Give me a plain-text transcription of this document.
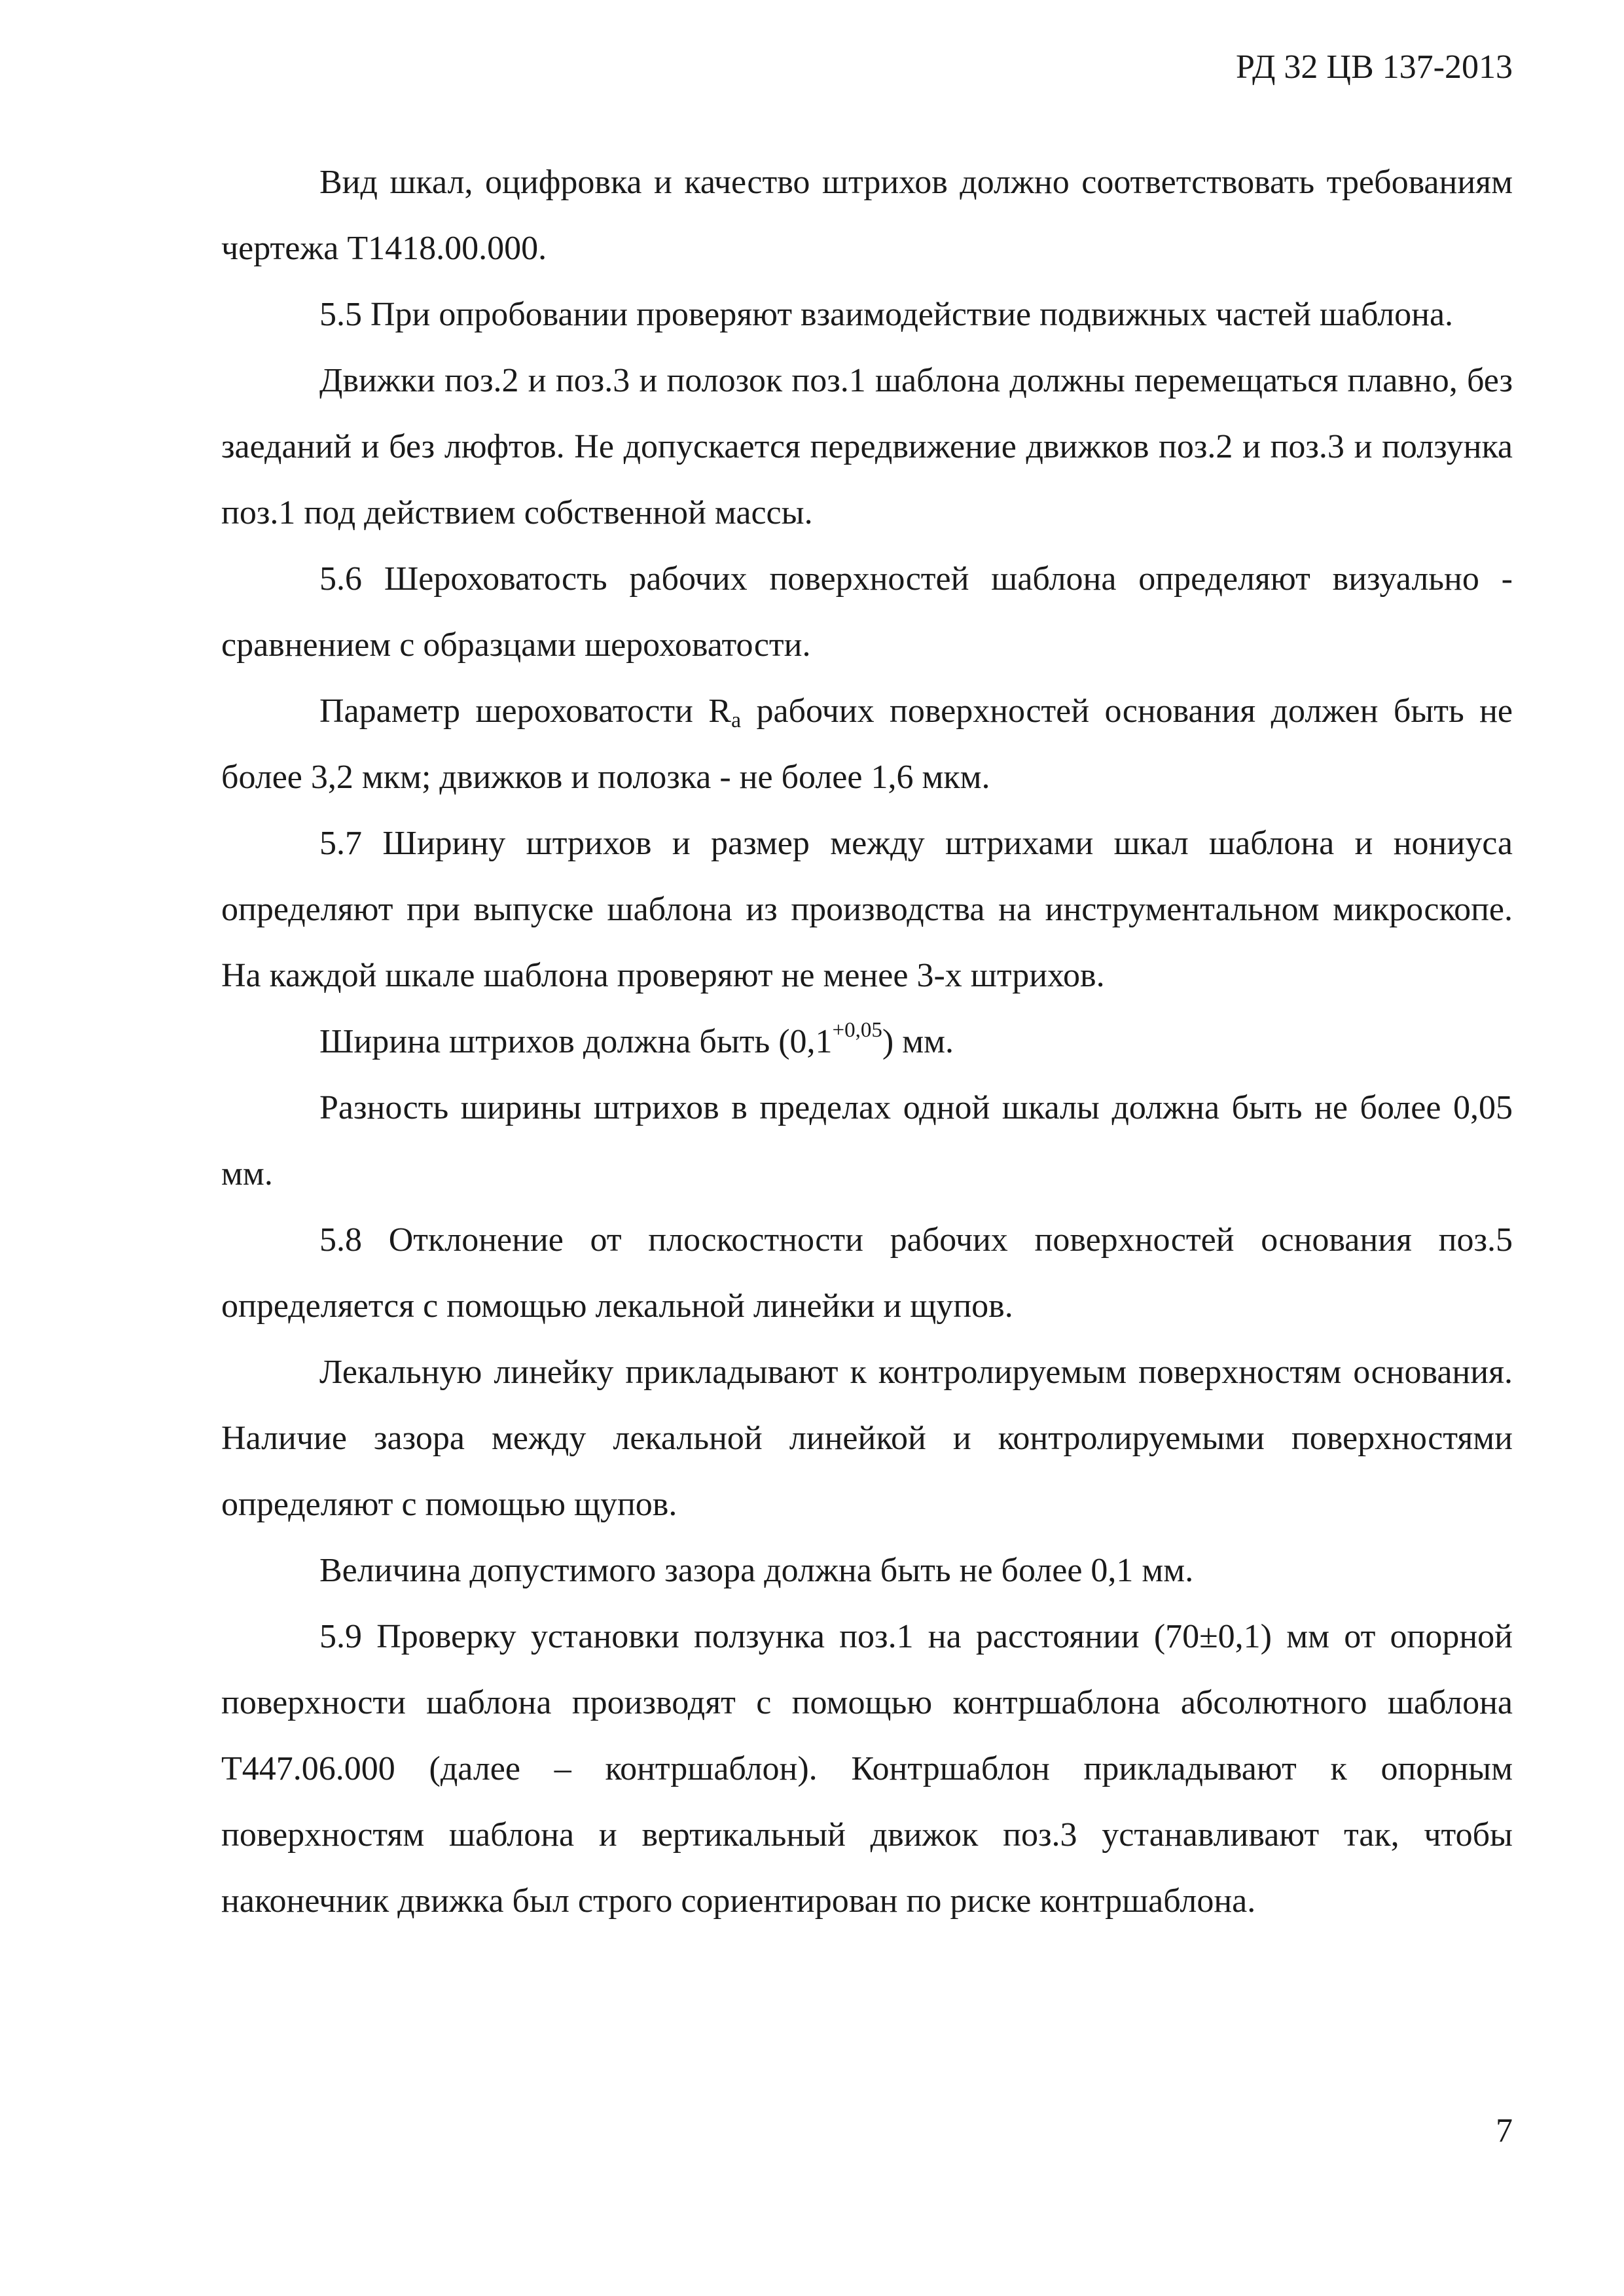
РД 32 ЦВ 137-2013

Вид шкал, оцифровка и качество штрихов должно соответствовать требованиям чертежа Т1418.00.000.

5.5 При опробовании проверяют взаимодействие подвижных частей шаблона.

Движки поз.2 и поз.3 и полозок поз.1 шаблона должны перемещаться плавно, без заеданий и без люфтов. Не допускается передвижение движков поз.2 и поз.3 и ползунка поз.1 под действием собственной массы.

5.6 Шероховатость рабочих поверхностей шаблона определяют визуально - сравнением с образцами шероховатости.

Параметр шероховатости $R_a$ рабочих поверхностей основания должен быть не более 3,2 мкм; движков и полозка - не более 1,6 мкм.

5.7 Ширину штрихов и размер между штрихами шкал шаблона и нониуса определяют при выпуске шаблона из производства на инструментальном микроскопе. На каждой шкале шаблона проверяют не менее 3-х штрихов.

Ширина штрихов должна быть $(0,1^{+0,05})$ мм.

Разность ширины штрихов в пределах одной шкалы должна быть не более 0,05 мм.

5.8 Отклонение от плоскостности рабочих поверхностей основания поз.5 определяется с помощью лекальной линейки и щупов.

Лекальную линейку прикладывают к контролируемым поверхностям основания. Наличие зазора между лекальной линейкой и контролируемыми поверхностями определяют с помощью щупов.

Величина допустимого зазора должна быть не более 0,1 мм.

5.9 Проверку установки ползунка поз.1 на расстоянии (70±0,1) мм от опорной поверхности шаблона производят с помощью контршаблона абсолютного шаблона Т447.06.000 (далее – контршаблон). Контршаблон прикладывают к опорным поверхностям шаблона и вертикальный движок поз.3 устанавливают так, чтобы наконечник движка был строго сориентирован по риске контршаблона.

7
